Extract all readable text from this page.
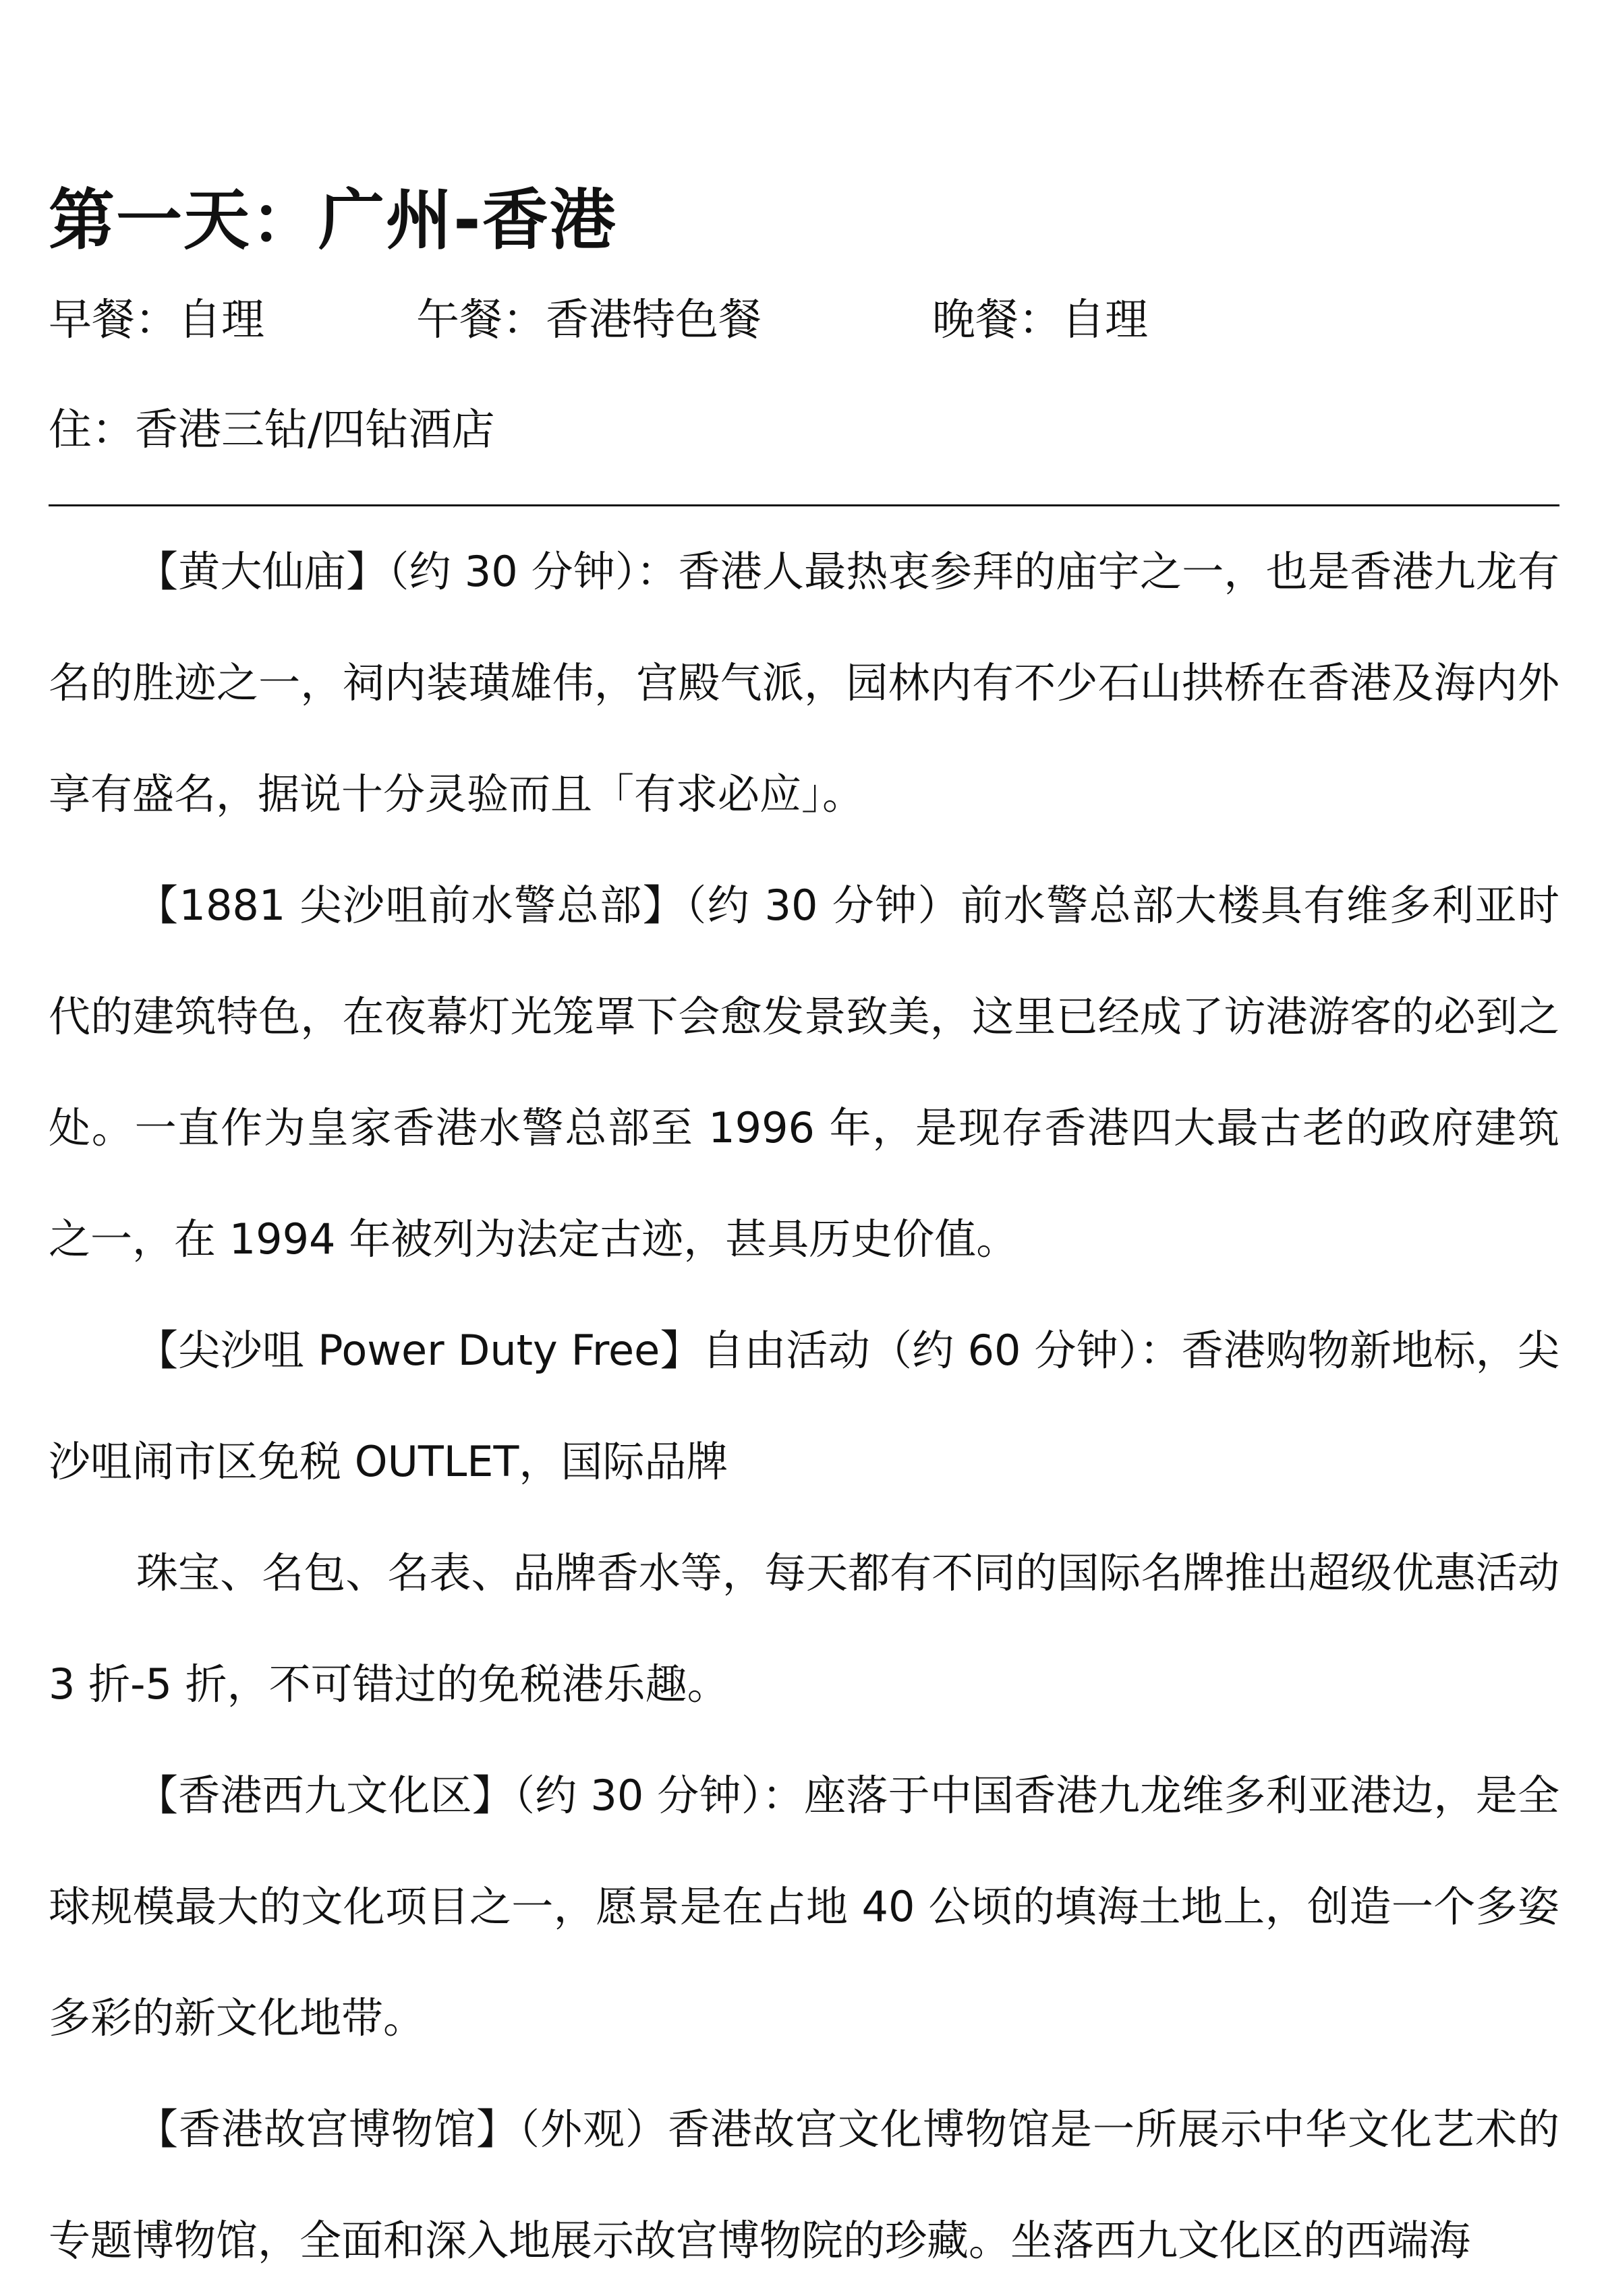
第一天：广州-香港
早餐：自理	午餐：香港特色餐	晚餐：自理
住：香港三钻/四钻酒店

【黄大仙庙】（约 30 分钟）：香港人最热衷参拜的庙宇之一，也是香港九龙有名的胜迹之一，祠内装璜雄伟，宫殿气派，园林内有不少石山拱桥在香港及海内外享有盛名，据说十分灵验而且「有求必应」。

【1881 尖沙咀前水警总部】（约 30 分钟）前水警总部大楼具有维多利亚时代的建筑特色，在夜幕灯光笼罩下会愈发景致美，这里已经成了访港游客的必到之处。一直作为皇家香港水警总部至 1996 年，是现存香港四大最古老的政府建筑之一，在 1994 年被列为法定古迹，甚具历史价值。

【尖沙咀 Power Duty Free】自由活动（约 60 分钟）：香港购物新地标，尖沙咀闹市区免税 OUTLET，国际品牌

珠宝、名包、名表、品牌香水等，每天都有不同的国际名牌推出超级优惠活动 3 折-5 折，不可错过的免税港乐趣。

【香港西九文化区】（约 30 分钟）：座落于中国香港九龙维多利亚港边，是全球规模最大的文化项目之一，愿景是在占地 40 公顷的填海土地上，创造一个多姿多彩的新文化地带。

【香港故宫博物馆】（外观）香港故宫文化博物馆是一所展示中华文化艺术的专题博物馆，全面和深入地展示故宫博物院的珍藏。坐落西九文化区的西端海
